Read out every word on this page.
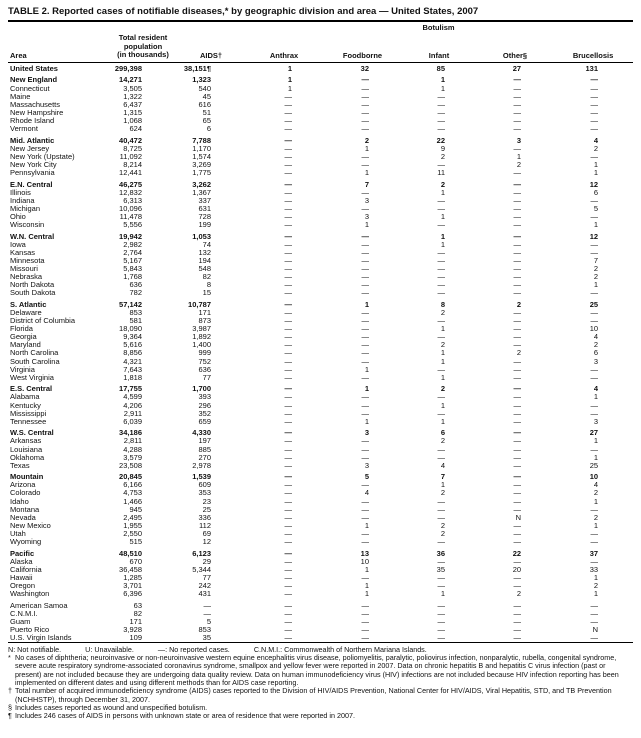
TABLE 2. Reported cases of notifiable diseases,* by geographic division and area — United States, 2007
				Botulism			
Area	Total resident
population
(in thousands)	AIDS†	Anthrax	Foodborne	Infant	Other§	Brucellosis
United States	299,398	38,151¶	1	32	85	27	131
New England	14,271	1,323	1	—	1	—	—
Connecticut	3,505	540	1	—	1	—	—
Maine	1,322	45	—	—	—	—	—
Massachusetts	6,437	616	—	—	—	—	—
New Hampshire	1,315	51	—	—	—	—	—
Rhode Island	1,068	65	—	—	—	—	—
Vermont	624	6	—	—	—	—	—
Mid. Atlantic	40,472	7,788	—	2	22	3	4
New Jersey	8,725	1,170	—	1	9	—	2
New York (Upstate)	11,092	1,574	—	—	2	1	—
New York City	8,214	3,269	—	—	—	2	1
Pennsylvania	12,441	1,775	—	1	11	—	1
E.N. Central	46,275	3,262	—	7	2	—	12
Illinois	12,832	1,367	—	—	1	—	6
Indiana	6,313	337	—	3	—	—	—
Michigan	10,096	631	—	—	—	—	5
Ohio	11,478	728	—	3	1	—	—
Wisconsin	5,556	199	—	1	—	—	1
W.N. Central	19,942	1,053	—	—	1	—	12
Iowa	2,982	74	—	—	1	—	—
Kansas	2,764	132	—	—	—	—	—
Minnesota	5,167	194	—	—	—	—	7
Missouri	5,843	548	—	—	—	—	2
Nebraska	1,768	82	—	—	—	—	2
North Dakota	636	8	—	—	—	—	1
South Dakota	782	15	—	—	—	—	—
S. Atlantic	57,142	10,787	—	1	8	2	25
Delaware	853	171	—	—	2	—	—
District of Columbia	581	873	—	—	—	—	—
Florida	18,090	3,987	—	—	1	—	10
Georgia	9,364	1,892	—	—	—	—	4
Maryland	5,616	1,400	—	—	2	—	2
North Carolina	8,856	999	—	—	1	2	6
South Carolina	4,321	752	—	—	1	—	3
Virginia	7,643	636	—	1	—	—	—
West Virginia	1,818	77	—	—	1	—	—
E.S. Central	17,755	1,700	—	1	2	—	4
Alabama	4,599	393	—	—	—	—	1
Kentucky	4,206	296	—	—	1	—	—
Mississippi	2,911	352	—	—	—	—	—
Tennessee	6,039	659	—	1	1	—	3
W.S. Central	34,186	4,330	—	3	6	—	27
Arkansas	2,811	197	—	—	2	—	1
Louisiana	4,288	885	—	—	—	—	—
Oklahoma	3,579	270	—	—	—	—	1
Texas	23,508	2,978	—	3	4	—	25
Mountain	20,845	1,539	—	5	7	—	10
Arizona	6,166	609	—	—	1	—	4
Colorado	4,753	353	—	4	2	—	2
Idaho	1,466	23	—	—	—	—	1
Montana	945	25	—	—	—	—	—
Nevada	2,495	336	—	—	—	N	2
New Mexico	1,955	112	—	1	2	—	1
Utah	2,550	69	—	—	2	—	—
Wyoming	515	12	—	—	—	—	—
Pacific	48,510	6,123	—	13	36	22	37
Alaska	670	29	—	10	—	—	—
California	36,458	5,344	—	1	35	20	33
Hawaii	1,285	77	—	—	—	—	1
Oregon	3,701	242	—	1	—	—	2
Washington	6,396	431	—	1	1	2	1
American Samoa	63	—	—	—	—	—	—
C.N.M.I.	82	—	—	—	—	—	—
Guam	171	5	—	—	—	—	—
Puerto Rico	3,928	853	—	—	—	—	N
U.S. Virgin Islands	109	35	—	—	—	—	—
N: Not notifiable.	U: Unavailable.	—: No reported cases.	C.N.M.I.: Commonwealth of Northern Mariana Islands.
* No cases of diphtheria; neuroinvasive or non-neuroinvasive western equine encephalitis virus disease, poliomyelitis, paralytic, poliovirus infection, nonparalytic, rubella, congenital syndrome, severe acute respiratory syndrome-associated coronavirus syndrome, smallpox and yellow fever were reported in 2007. Data on chronic hepatitis B and hepatitis C virus infection (past or present) are not included because they are undergoing data quality review. Data on human immunodeficiency virus (HIV) infections are not included because HIV infection reporting has been implemented on different dates and using different methods than for AIDS case reporting.
† Total number of acquired immunodeficiency syndrome (AIDS) cases reported to the Division of HIV/AIDS Prevention, National Center for HIV/AIDS, Viral Hepatitis, STD, and TB Prevention (NCHHSTP), through December 31, 2007.
§ Includes cases reported as wound and unspecified botulism.
¶ Includes 246 cases of AIDS in persons with unknown state or area of residence that were reported in 2007.
